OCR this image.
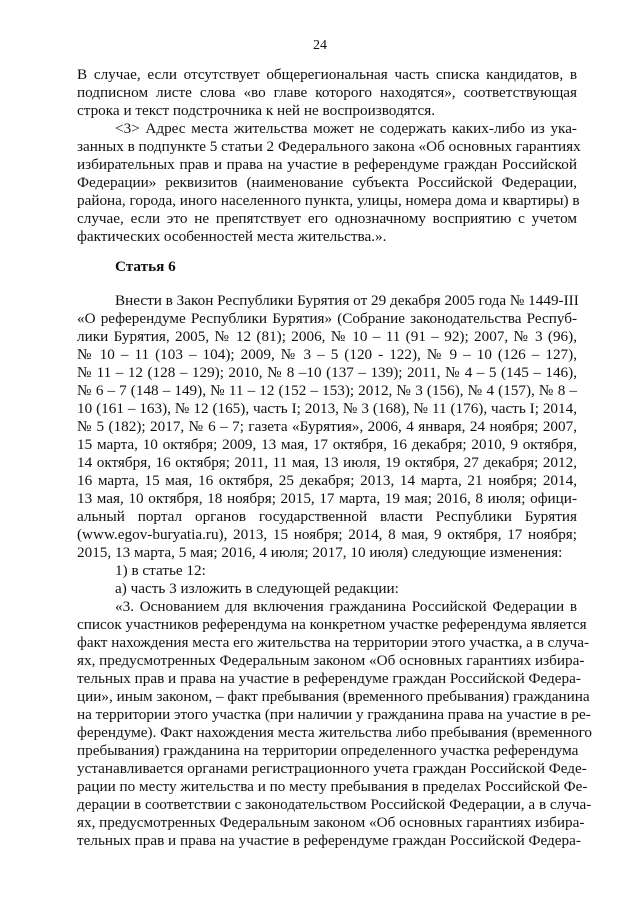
24
В случае, если отсутствует общерегиональная часть списка кандидатов, в
подписном листе слова «во главе которого находятся», соответствующая
строка и текст подстрочника к ней не воспроизводятся.
<3> Адрес места жительства может не содержать каких-либо из ука-
занных в подпункте 5 статьи 2 Федерального закона «Об основных гарантиях
избирательных прав и права на участие в референдуме граждан Российской
Федерации» реквизитов (наименование субъекта Российской Федерации,
района, города, иного населенного пункта, улицы, номера дома и квартиры) в
случае, если это не препятствует его однозначному восприятию с учетом
фактических особенностей места жительства.».
Статья 6
Внести в Закон Республики Бурятия от 29 декабря 2005 года № 1449-III
«О референдуме Республики Бурятия» (Собрание законодательства Респуб-
лики Бурятия, 2005, № 12 (81); 2006, № 10 – 11 (91 – 92); 2007, № 3 (96),
№ 10 – 11 (103 – 104); 2009, № 3 – 5 (120 - 122), № 9 – 10 (126 – 127),
№ 11 – 12 (128 – 129); 2010, № 8 –10 (137 – 139); 2011, № 4 – 5 (145 – 146),
№ 6 – 7 (148 – 149), № 11 – 12 (152 – 153); 2012, № 3 (156), № 4 (157), № 8 –
10 (161 – 163), № 12 (165), часть I; 2013, № 3 (168), № 11 (176), часть I; 2014,
№ 5 (182); 2017, № 6 – 7; газета «Бурятия», 2006, 4 января, 24 ноября; 2007,
15 марта, 10 октября; 2009, 13 мая, 17 октября, 16 декабря; 2010, 9 октября,
14 октября, 16 октября; 2011, 11 мая, 13 июля, 19 октября, 27 декабря; 2012,
16 марта, 15 мая, 16 октября, 25 декабря; 2013, 14 марта, 21 ноября; 2014,
13 мая, 10 октября, 18 ноября; 2015, 17 марта, 19 мая; 2016, 8 июля; офици-
альный портал органов государственной власти Республики Бурятия
(www.egov-buryatia.ru), 2013, 15 ноября; 2014, 8 мая, 9 октября, 17 ноября;
2015, 13 марта, 5 мая; 2016, 4 июля; 2017, 10 июля) следующие изменения:
1) в статье 12:
а) часть 3 изложить в следующей редакции:
«3. Основанием для включения гражданина Российской Федерации в
список участников референдума на конкретном участке референдума является
факт нахождения места его жительства на территории этого участка, а в случа-
ях, предусмотренных Федеральным законом «Об основных гарантиях избира-
тельных прав и права на участие в референдуме граждан Российской Федера-
ции», иным законом, – факт пребывания (временного пребывания) гражданина
на территории этого участка (при наличии у гражданина права на участие в ре-
ферендуме). Факт нахождения места жительства либо пребывания (временного
пребывания) гражданина на территории определенного участка референдума
устанавливается органами регистрационного учета граждан Российской Феде-
рации по месту жительства и по месту пребывания в пределах Российской Фе-
дерации в соответствии с законодательством Российской Федерации, а в случа-
ях, предусмотренных Федеральным законом «Об основных гарантиях избира-
тельных прав и права на участие в референдуме граждан Российской Федера-
